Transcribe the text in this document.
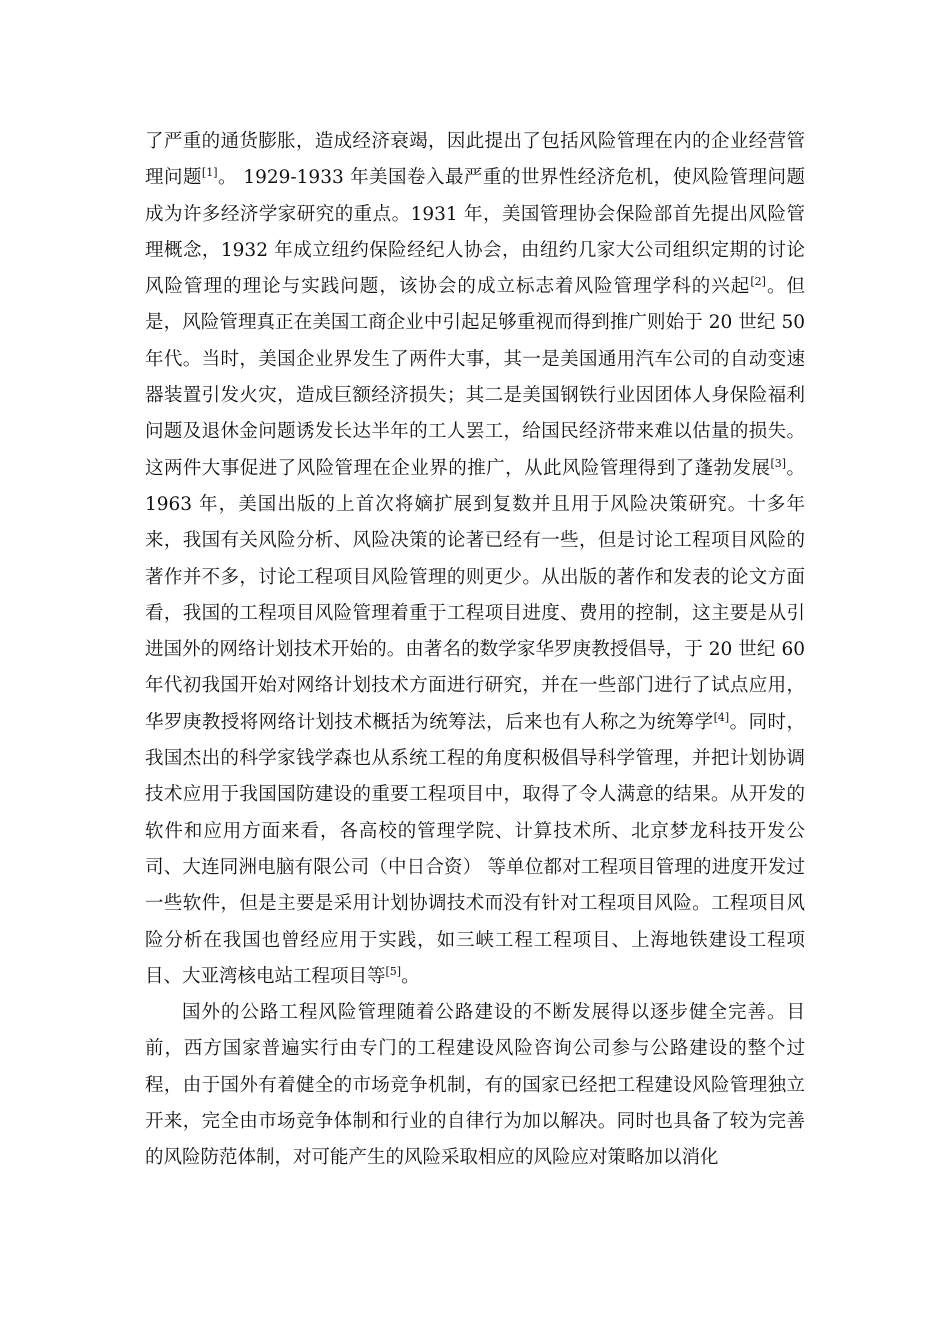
了严重的通货膨胀，造成经济衰竭，因此提出了包括风险管理在内的企业经营管理问题[1]。 1929-1933 年美国卷入最严重的世界性经济危机，使风险管理问题成为许多经济学家研究的重点。1931 年，美国管理协会保险部首先提出风险管理概念，1932 年成立纽约保险经纪人协会，由纽约几家大公司组织定期的讨论风险管理的理论与实践问题，该协会的成立标志着风险管理学科的兴起[2]。但是，风险管理真正在美国工商企业中引起足够重视而得到推广则始于 20 世纪 50 年代。当时，美国企业界发生了两件大事，其一是美国通用汽车公司的自动变速器装置引发火灾，造成巨额经济损失；其二是美国钢铁行业因团体人身保险福利问题及退休金问题诱发长达半年的工人罢工，给国民经济带来难以估量的损失。这两件大事促进了风险管理在企业界的推广，从此风险管理得到了蓬勃发展[3]。1963 年，美国出版的上首次将嫡扩展到复数并且用于风险决策研究。十多年来，我国有关风险分析、风险决策的论著已经有一些，但是讨论工程项目风险的著作并不多，讨论工程项目风险管理的则更少。从出版的著作和发表的论文方面看，我国的工程项目风险管理着重于工程项目进度、费用的控制，这主要是从引进国外的网络计划技术开始的。由著名的数学家华罗庚教授倡导，于 20 世纪 60 年代初我国开始对网络计划技术方面进行研究，并在一些部门进行了试点应用，华罗庚教授将网络计划技术概括为统筹法，后来也有人称之为统筹学[4]。同时，我国杰出的科学家钱学森也从系统工程的角度积极倡导科学管理，并把计划协调技术应用于我国国防建设的重要工程项目中，取得了令人满意的结果。从开发的软件和应用方面来看，各高校的管理学院、计算技术所、北京梦龙科技开发公司、大连同洲电脑有限公司（中日合资） 等单位都对工程项目管理的进度开发过一些软件，但是主要是采用计划协调技术而没有针对工程项目风险。工程项目风险分析在我国也曾经应用于实践，如三峡工程工程项目、上海地铁建设工程项目、大亚湾核电站工程项目等[5]。

国外的公路工程风险管理随着公路建设的不断发展得以逐步健全完善。目前，西方国家普遍实行由专门的工程建设风险咨询公司参与公路建设的整个过程，由于国外有着健全的市场竞争机制，有的国家已经把工程建设风险管理独立开来，完全由市场竞争体制和行业的自律行为加以解决。同时也具备了较为完善的风险防范体制，对可能产生的风险采取相应的风险应对策略加以消化
